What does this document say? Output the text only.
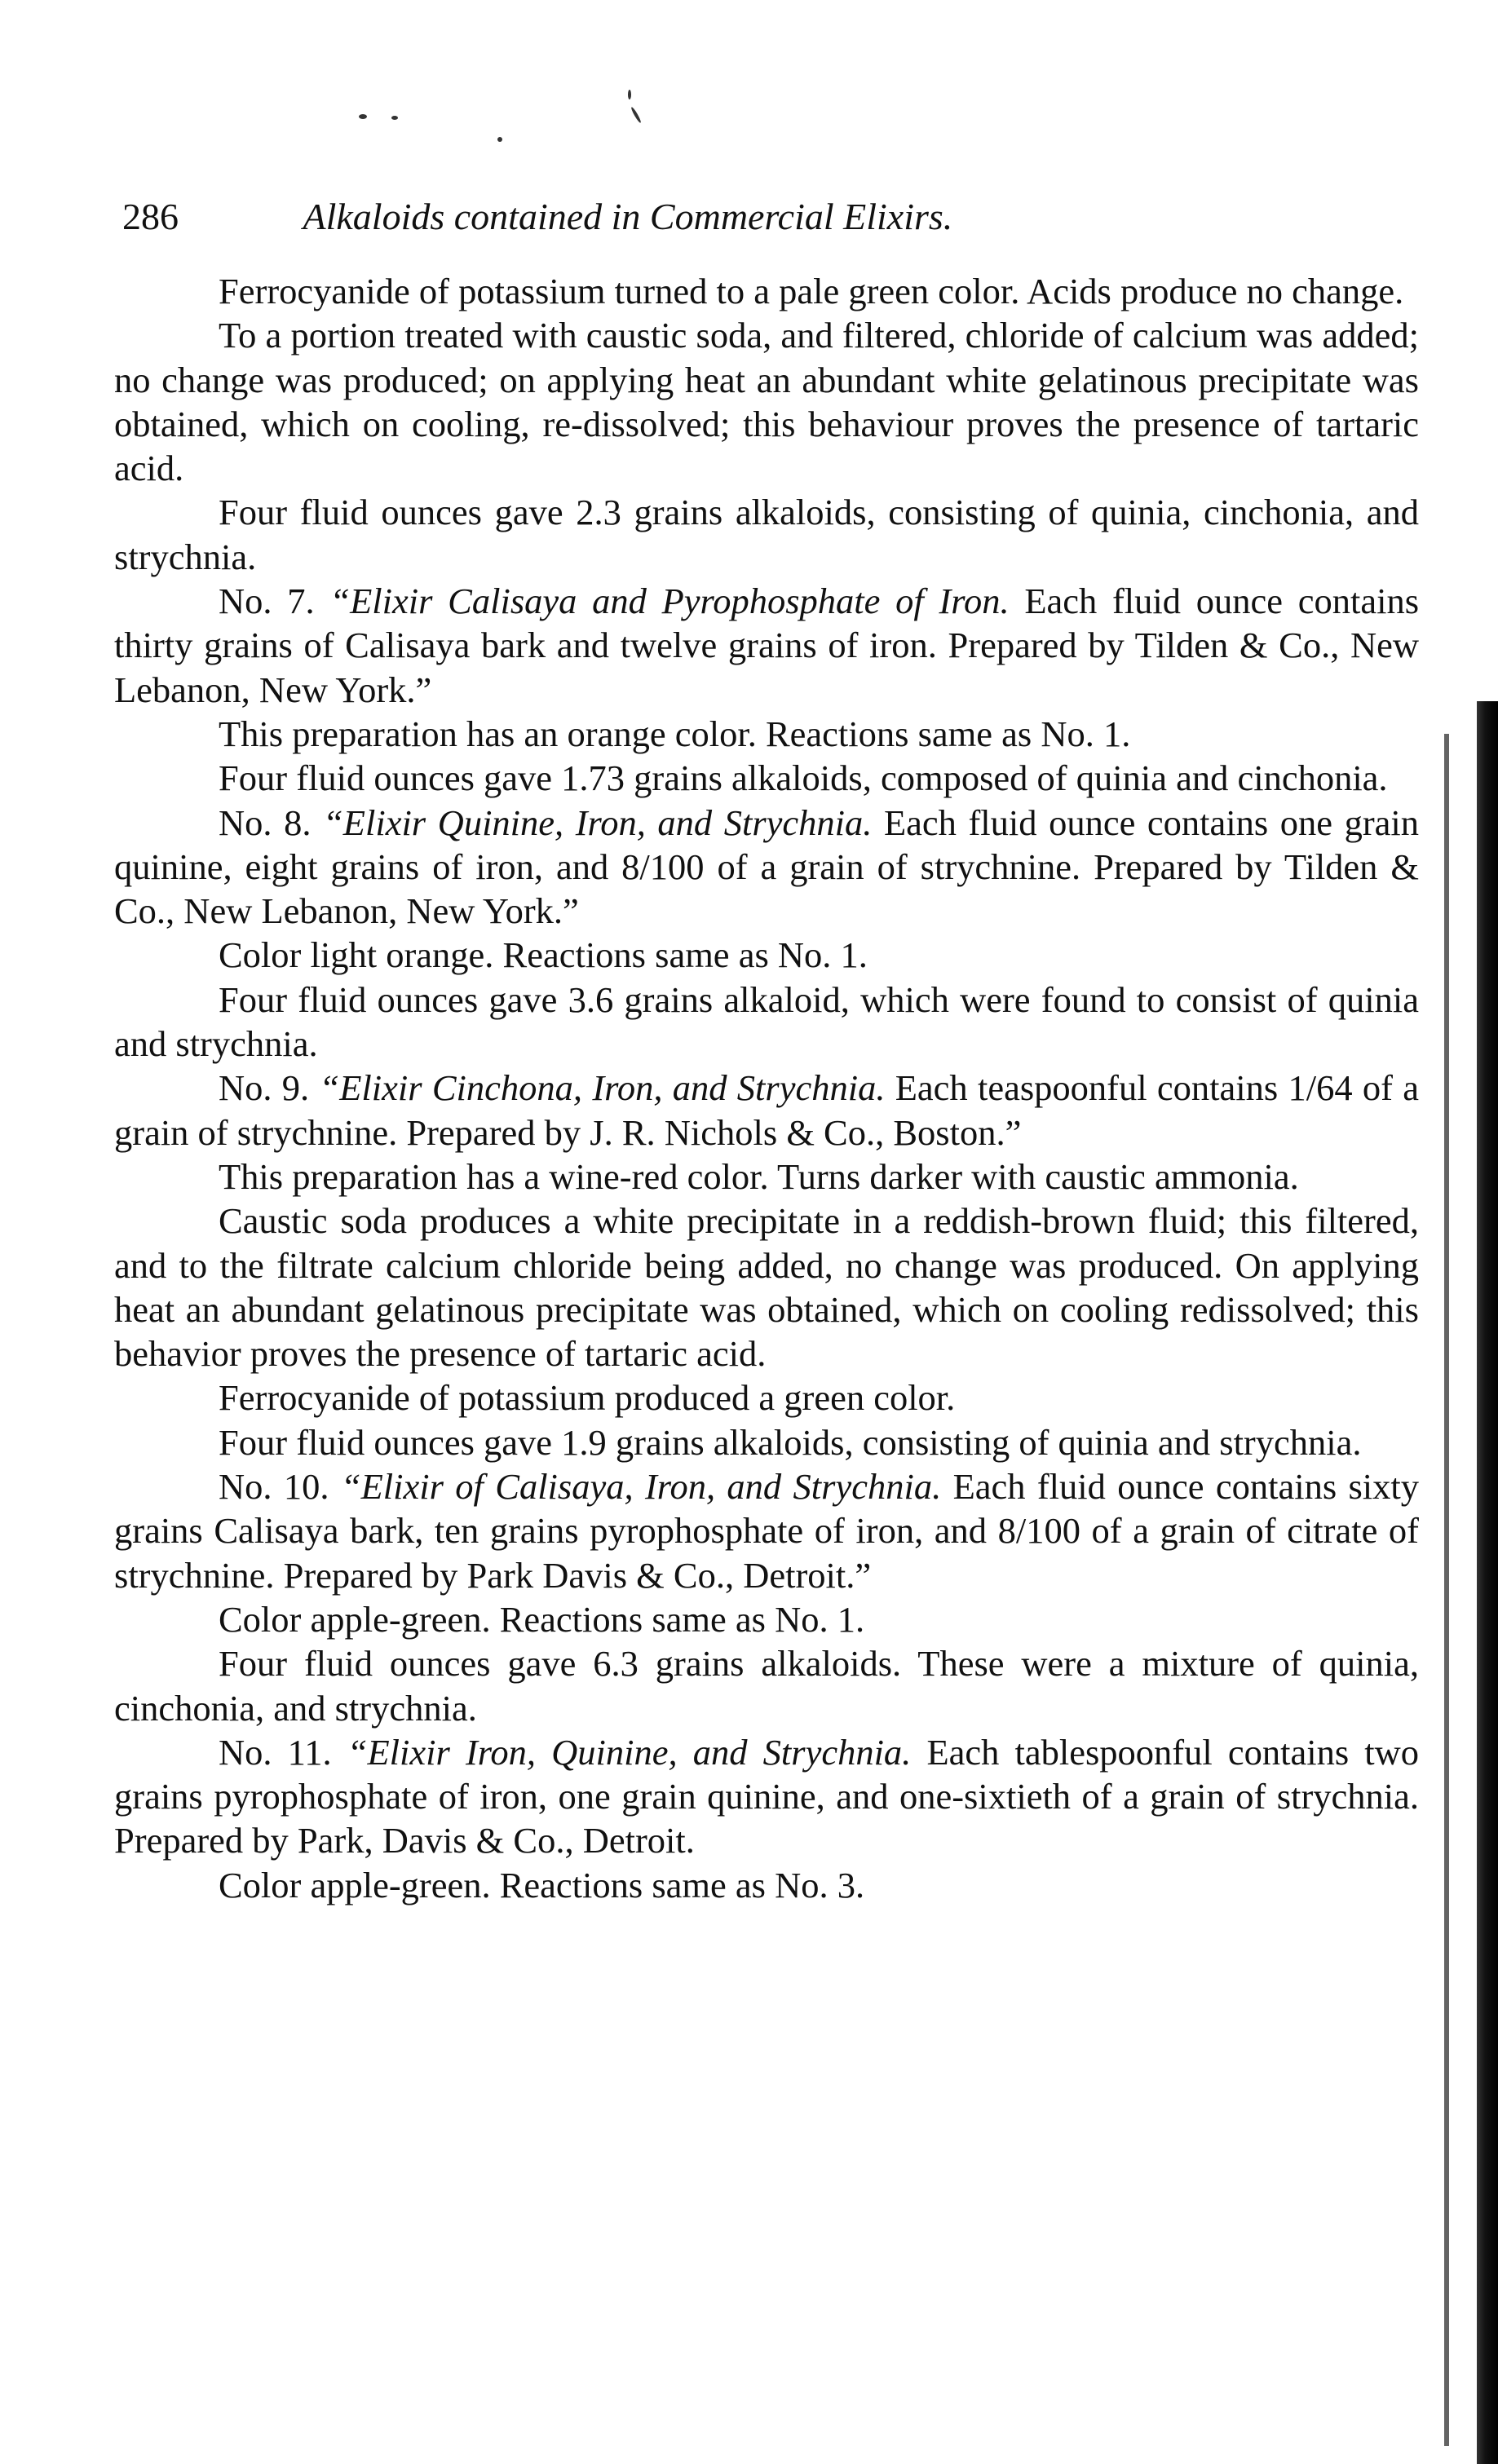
286	Alkaloids contained in Commercial Elixirs.

Ferrocyanide of potassium turned to a pale green color. Acids produce no change.

To a portion treated with caustic soda, and filtered, chloride of calcium was added; no change was produced; on applying heat an abundant white gelatinous precipitate was obtained, which on cooling, re-dissolved; this behaviour proves the presence of tartaric acid.

Four fluid ounces gave 2.3 grains alkaloids, consisting of quinia, cinchonia, and strychnia.

No. 7. “Elixir Calisaya and Pyrophosphate of Iron. Each fluid ounce contains thirty grains of Calisaya bark and twelve grains of iron. Prepared by Tilden & Co., New Lebanon, New York.”

This preparation has an orange color. Reactions same as No. 1.

Four fluid ounces gave 1.73 grains alkaloids, composed of quinia and cinchonia.

No. 8. “Elixir Quinine, Iron, and Strychnia. Each fluid ounce contains one grain quinine, eight grains of iron, and 8/100 of a grain of strychnine. Prepared by Tilden & Co., New Lebanon, New York.”

Color light orange. Reactions same as No. 1.

Four fluid ounces gave 3.6 grains alkaloid, which were found to consist of quinia and strychnia.

No. 9. “Elixir Cinchona, Iron, and Strychnia. Each teaspoonful contains 1/64 of a grain of strychnine. Prepared by J. R. Nichols & Co., Boston.”

This preparation has a wine-red color. Turns darker with caustic ammonia.

Caustic soda produces a white precipitate in a reddish-brown fluid; this filtered, and to the filtrate calcium chloride being added, no change was produced. On applying heat an abundant gelatinous precipitate was obtained, which on cooling redissolved; this behavior proves the presence of tartaric acid.

Ferrocyanide of potassium produced a green color.

Four fluid ounces gave 1.9 grains alkaloids, consisting of quinia and strychnia.

No. 10. “Elixir of Calisaya, Iron, and Strychnia. Each fluid ounce contains sixty grains Calisaya bark, ten grains pyrophosphate of iron, and 8/100 of a grain of citrate of strychnine. Prepared by Park Davis & Co., Detroit.”

Color apple-green. Reactions same as No. 1.

Four fluid ounces gave 6.3 grains alkaloids. These were a mixture of quinia, cinchonia, and strychnia.

No. 11. “Elixir Iron, Quinine, and Strychnia. Each tablespoonful contains two grains pyrophosphate of iron, one grain quinine, and one-sixtieth of a grain of strychnia. Prepared by Park, Davis & Co., Detroit.

Color apple-green. Reactions same as No. 3.
